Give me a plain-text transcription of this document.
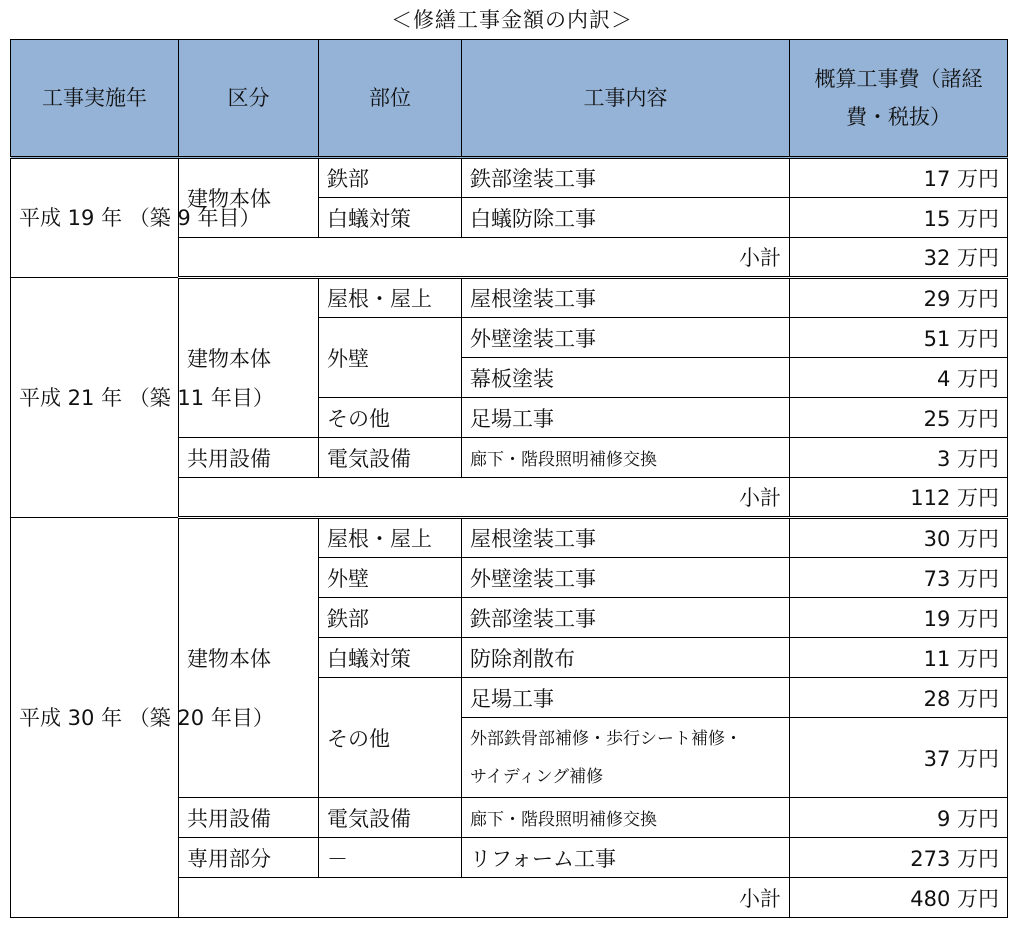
＜修繕工事金額の内訳＞
工事実施年	区分	部位	工事内容	概算工事費（諸経費・税抜）
平成 19 年 （築 9 年目）	建物本体	鉄部	鉄部塗装工事	17 万円
		白蟻対策	白蟻防除工事	15 万円
	小計			32 万円
平成 21 年 （築 11 年目）	建物本体	屋根・屋上	屋根塗装工事	29 万円
		外壁	外壁塗装工事	51 万円
			幕板塗装	4 万円
		その他	足場工事	25 万円
	共用設備	電気設備	廊下・階段照明補修交換	3 万円
	小計			112 万円
平成 30 年 （築 20 年目）	建物本体	屋根・屋上	屋根塗装工事	30 万円
		外壁	外壁塗装工事	73 万円
		鉄部	鉄部塗装工事	19 万円
		白蟻対策	防除剤散布	11 万円
		その他	足場工事	28 万円
			外部鉄骨部補修・歩行シート補修・
サイディング補修	37 万円
	共用設備	電気設備	廊下・階段照明補修交換	9 万円
	専用部分	－	リフォーム工事	273 万円
	小計			480 万円
